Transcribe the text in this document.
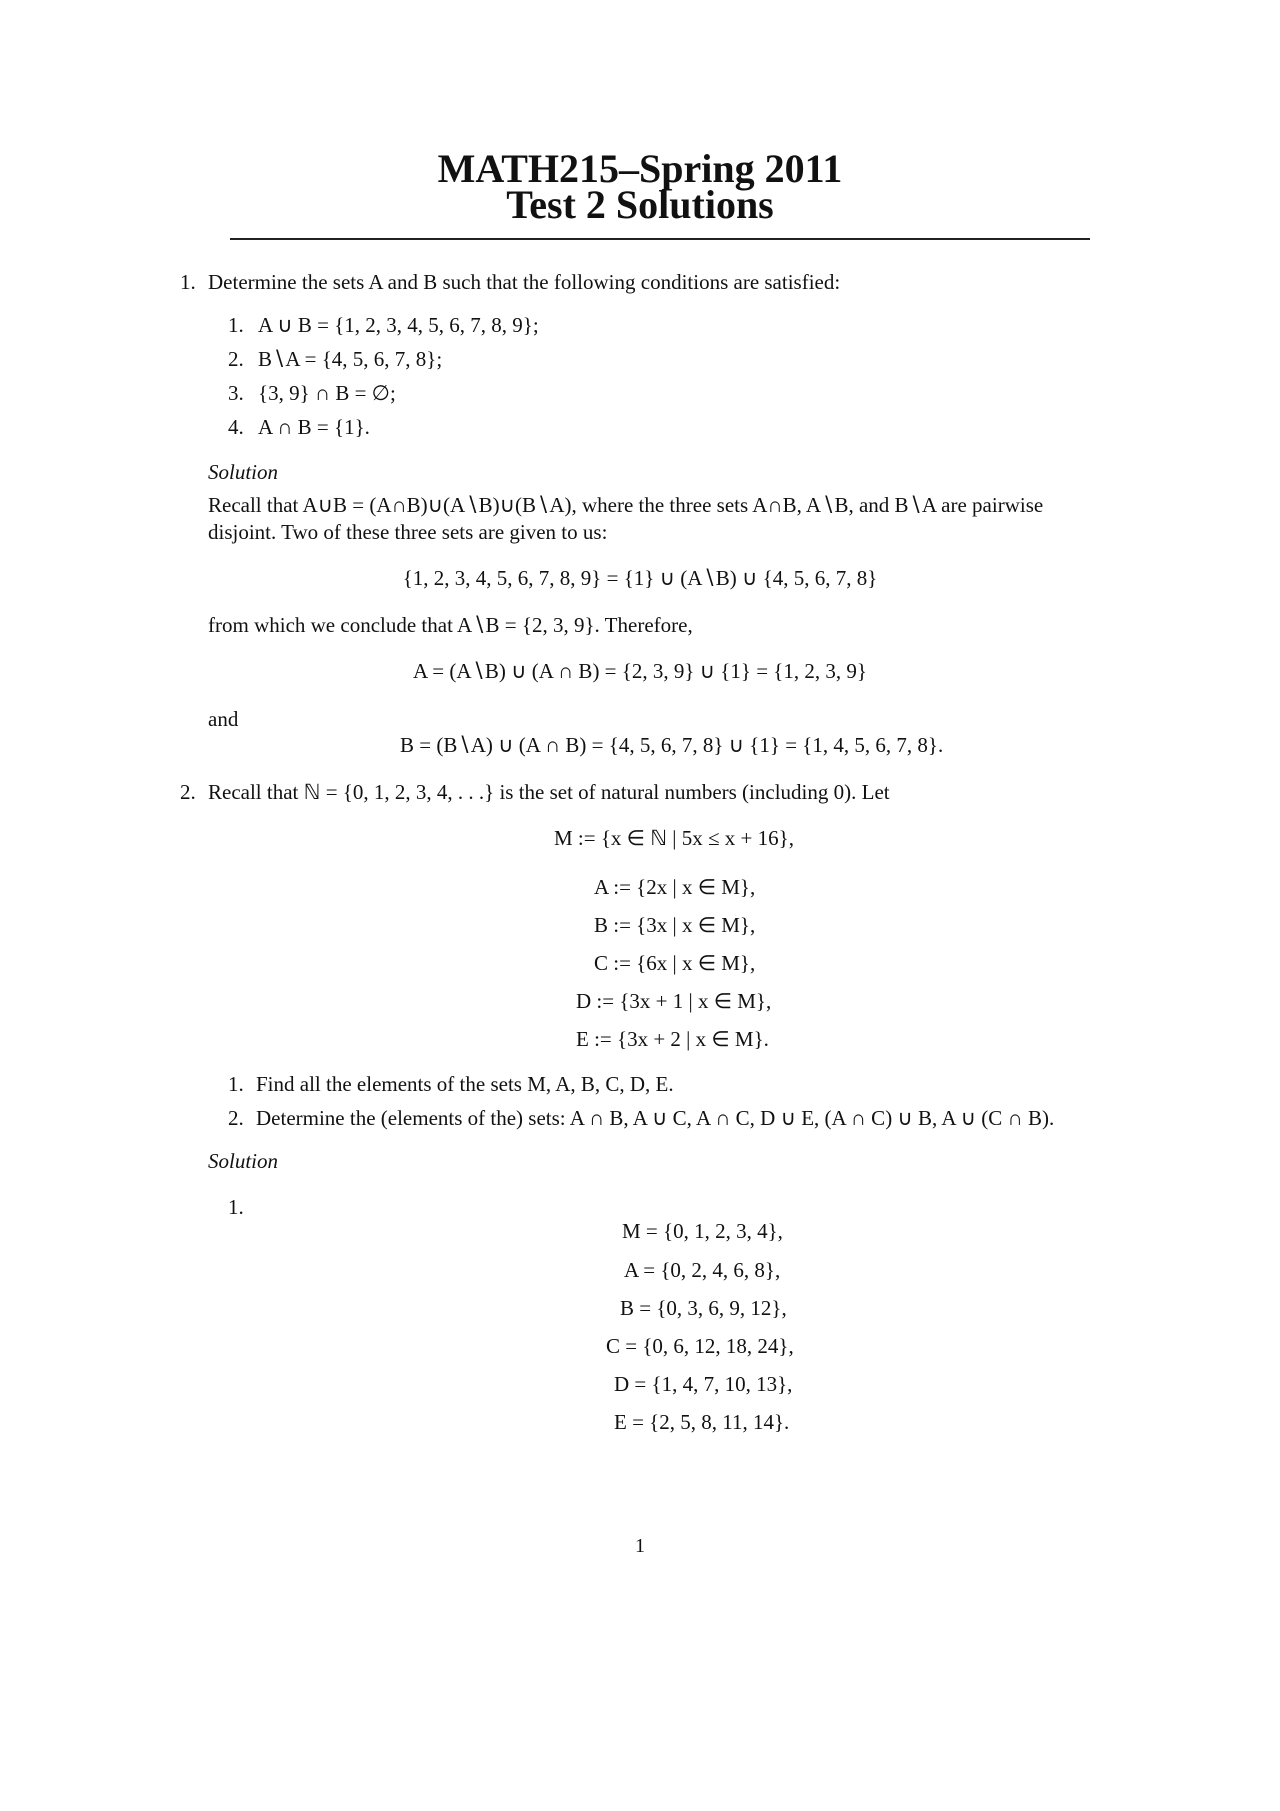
MATH215–Spring 2011
Test 2 Solutions
1. Determine the sets A and B such that the following conditions are satisfied:
1. A ∪ B = {1, 2, 3, 4, 5, 6, 7, 8, 9};
2. B∖A = {4, 5, 6, 7, 8};
3. {3, 9} ∩ B = ∅;
4. A ∩ B = {1}.
Solution
Recall that A∪B = (A∩B)∪(A∖B)∪(B∖A), where the three sets A∩B, A∖B, and B∖A are pairwise
disjoint. Two of these three sets are given to us:
{1, 2, 3, 4, 5, 6, 7, 8, 9} = {1} ∪ (A∖B) ∪ {4, 5, 6, 7, 8}
from which we conclude that A∖B = {2, 3, 9}. Therefore,
A = (A∖B) ∪ (A ∩ B) = {2, 3, 9} ∪ {1} = {1, 2, 3, 9}
and
B = (B∖A) ∪ (A ∩ B) = {4, 5, 6, 7, 8} ∪ {1} = {1, 4, 5, 6, 7, 8}.
2. Recall that ℕ = {0, 1, 2, 3, 4, . . .} is the set of natural numbers (including 0). Let
M := {x ∈ ℕ | 5x ≤ x + 16},
A := {2x | x ∈ M},
B := {3x | x ∈ M},
C := {6x | x ∈ M},
D := {3x + 1 | x ∈ M},
E := {3x + 2 | x ∈ M}.
1. Find all the elements of the sets M, A, B, C, D, E.
2. Determine the (elements of the) sets: A ∩ B, A ∪ C, A ∩ C, D ∪ E, (A ∩ C) ∪ B, A ∪ (C ∩ B).
Solution
1.
M = {0, 1, 2, 3, 4},
A = {0, 2, 4, 6, 8},
B = {0, 3, 6, 9, 12},
C = {0, 6, 12, 18, 24},
D = {1, 4, 7, 10, 13},
E = {2, 5, 8, 11, 14}.
1
